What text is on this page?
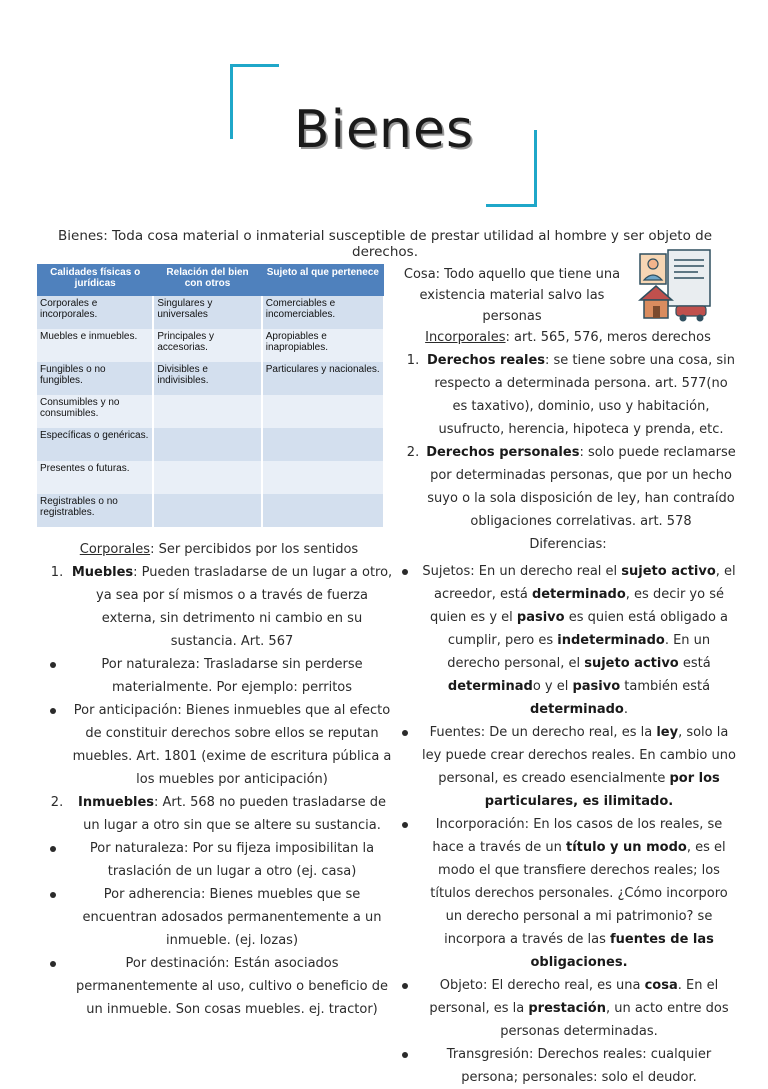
Bienes
Bienes: Toda cosa material o inmaterial susceptible de prestar utilidad al hombre y ser objeto de derechos.
Calidades físicas o jurídicas	Relación del bien con otros	Sujeto al que pertenece
Corporales e incorporales.	Singulares y universales	Comerciables e incomerciables.
Muebles e inmuebles.	Principales y accesorias.	Apropiables e inapropiables.
Fungibles o no fungibles.	Divisibles e indivisibles.	Particulares y nacionales.
Consumibles y no consumibles.		
Específicas o genéricas.		
Presentes o futuras.		
Registrables o no registrables.		
Cosa: Todo aquello que tiene una existencia material salvo las personas

Incorporales: art. 565, 576, meros derechos

1. Derechos reales: se tiene sobre una cosa, sin respecto a determinada persona. art. 577(no es taxativo), dominio, uso y habitación, usufructo, herencia, hipoteca y prenda, etc.
2. Derechos personales: solo puede reclamarse por determinadas personas, que por un hecho suyo o la sola disposición de ley, han contraído obligaciones correlativas. art. 578

Diferencias:

Corporales: Ser percibidos por los sentidos

1. Muebles: Pueden trasladarse de un lugar a otro, ya sea por sí mismos o a través de fuerza externa, sin detrimento ni cambio en su sustancia. Art. 567
Por naturaleza: Trasladarse sin perderse materialmente. Por ejemplo: perritos
Por anticipación: Bienes inmuebles que al efecto de constituir derechos sobre ellos se reputan muebles. Art. 1801 (exime de escritura pública a los muebles por anticipación)
2.	Inmuebles: Art. 568 no pueden trasladarse de un lugar a otro sin que se altere su sustancia.
Por naturaleza: Por su fijeza imposibilitan la traslación de un lugar a otro (ej. casa)
Por adherencia: Bienes muebles que se encuentran adosados permanentemente a un inmueble. (ej. lozas)
Por destinación: Están asociados permanentemente al uso, cultivo o beneficio de un inmueble. Son cosas muebles. ej. tractor)
Sujetos: En un derecho real el sujeto activo, el acreedor, está determinado, es decir yo sé quien es y el pasivo es quien está obligado a cumplir, pero es indeterminado. En un derecho personal, el sujeto activo está determinado y el pasivo también está determinado.
Fuentes: De un derecho real, es la ley, solo la ley puede crear derechos reales. En cambio uno personal, es creado esencialmente por los particulares, es ilimitado.
Incorporación: En los casos de los reales, se hace a través de un título y un modo, es el modo el que transfiere derechos reales; los títulos derechos personales. ¿Cómo incorporo un derecho personal a mi patrimonio? se incorpora a través de las fuentes de las obligaciones.
Objeto: El derecho real, es una cosa. En el personal, es la prestación, un acto entre dos personas determinadas.
Transgresión: Derechos reales: cualquier persona; personales: solo el deudor.
